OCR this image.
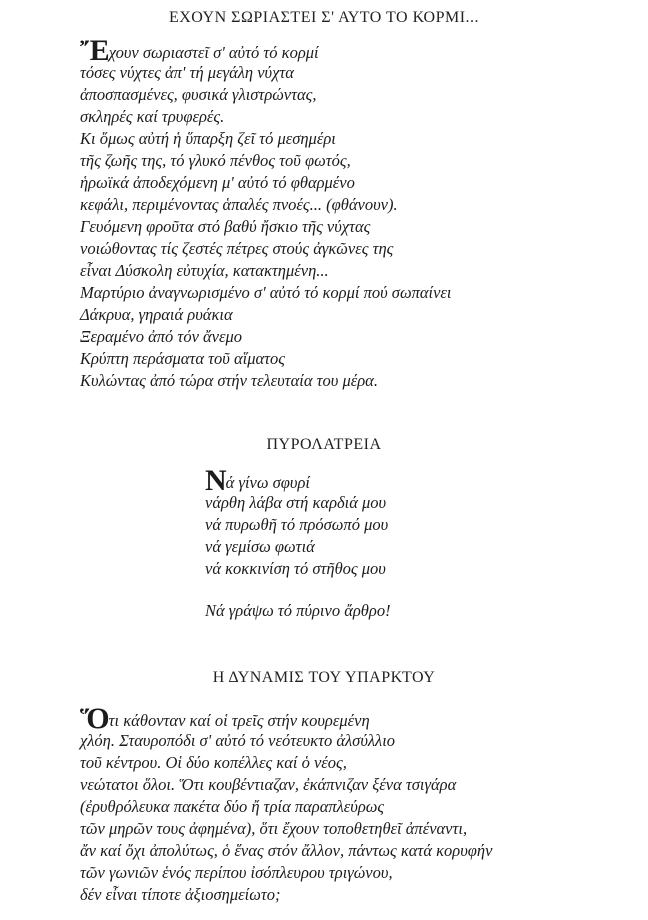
ΕΧΟΥΝ ΣΩΡΙΑΣΤΕΙ Σ' ΑΥΤΟ ΤΟ ΚΟΡΜΙ...
Ἔχουν σωριαστεῖ σ' αὐτό τό κορμί
τόσες νύχτες ἀπ' τή μεγάλη νύχτα
ἀποσπασμένες, φυσικά γλιστρώντας,
σκληρές καί τρυφερές.
Κι ὅμως αὐτή ἡ ὕπαρξη ζεῖ τό μεσημέρι
τῆς ζωῆς της, τό γλυκό πένθος τοῦ φωτός,
ἡρωϊκά ἀποδεχόμενη μ' αὐτό τό φθαρμένο
κεφάλι, περιμένοντας ἁπαλές πνοές... (φθάνουν).
Γευόμενη φροῦτα στό βαθύ ἤσκιο τῆς νύχτας
νοιώθοντας τίς ζεστές πέτρες στούς ἀγκῶνες της
εἶναι Δύσκολη εὐτυχία, κατακτημένη...
Μαρτύριο ἀναγνωρισμένο σ' αὐτό τό κορμί πού σωπαίνει
Δάκρυα, γηραιά ρυάκια
Ξεραμένο ἀπό τόν ἄνεμο
Κρύπτη περάσματα τοῦ αἵματος
Κυλώντας ἀπό τώρα στήν τελευταία του μέρα.
ΠΥΡΟΛΑΤΡΕΙΑ
Νά γίνω σφυρί
νάρθη λάβα στή καρδιά μου
νά πυρωθῆ τό πρόσωπό μου
νά γεμίσω φωτιά
νά κοκκινίση τό στῆθος μου
Νά γράψω τό πύρινο ἄρθρο!
Η ΔΥΝΑΜΙΣ ΤΟΥ ΥΠΑΡΚΤΟΥ
Ὅτι κάθονταν καί οἱ τρεῖς στήν κουρεμένη
χλόη. Σταυροπόδι σ' αὐτό τό νεότευκτο ἀλσύλλιο
τοῦ κέντρου. Οἱ δύο κοπέλλες καί ὁ νέος,
νεώτατοι ὅλοι. Ὅτι κουβέντιαζαν, ἐκάπνιζαν ξένα τσιγάρα
(ἐρυθρόλευκα πακέτα δύο ἤ τρία παραπλεύρως
τῶν μηρῶν τους ἀφημένα), ὅτι ἔχουν τοποθετηθεῖ ἀπέναντι,
ἄν καί ὄχι ἀπολύτως, ὁ ἕνας στόν ἄλλον, πάντως κατά κορυφήν
τῶν γωνιῶν ἑνός περίπου ἰσόπλευρου τριγώνου,
δέν εἶναι τίποτε ἀξιοσημείωτο;
